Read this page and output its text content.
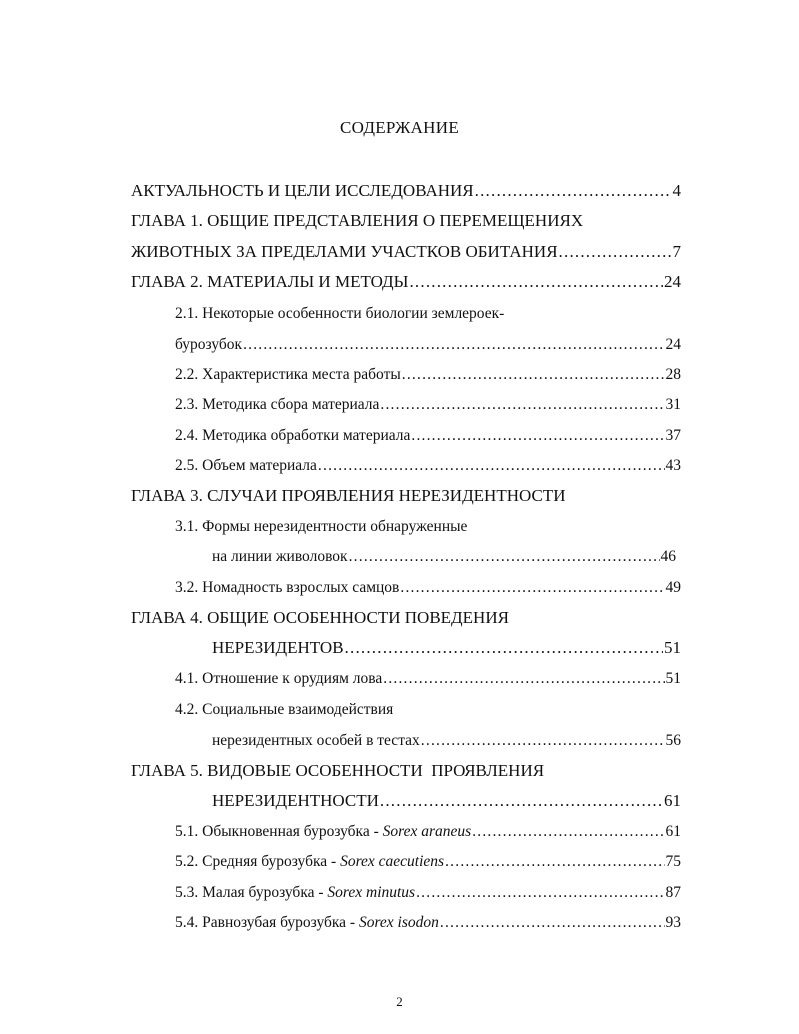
СОДЕРЖАНИЕ
АКТУАЛЬНОСТЬ И ЦЕЛИ ИССЛЕДОВАНИЯ .....	4
ГЛАВА 1. ОБЩИЕ ПРЕДСТАВЛЕНИЯ О ПЕРЕМЕЩЕНИЯХ
ЖИВОТНЫХ ЗА ПРЕДЕЛАМИ УЧАСТКОВ ОБИТАНИЯ .....	7
ГЛАВА 2. МАТЕРИАЛЫ И МЕТОДЫ .....	24
2.1. Некоторые особенности биологии землероек-
бурозубок .....	24
2.2. Характеристика места работы .....	28
2.3. Методика сбора материала .....	31
2.4. Методика обработки материала .....	37
2.5. Объем материала .....	43
ГЛАВА 3. СЛУЧАИ ПРОЯВЛЕНИЯ НЕРЕЗИДЕНТНОСТИ
3.1. Формы нерезидентности обнаруженные
на линии живоловок .....	46
3.2. Номадность взрослых самцов .....	49
ГЛАВА 4. ОБЩИЕ ОСОБЕННОСТИ ПОВЕДЕНИЯ
НЕРЕЗИДЕНТОВ .....	51
4.1. Отношение к орудиям лова .....	51
4.2. Социальные взаимодействия
нерезидентных особей в тестах .....	56
ГЛАВА 5. ВИДОВЫЕ ОСОБЕННОСТИ  ПРОЯВЛЕНИЯ
НЕРЕЗИДЕНТНОСТИ .....	61
5.1. Обыкновенная бурозубка - Sorex araneus .....	61
5.2. Средняя бурозубка - Sorex caecutiens .....	75
5.3. Малая бурозубка - Sorex minutus .....	87
5.4. Равнозубая бурозубка - Sorex isodon .....	93
2
